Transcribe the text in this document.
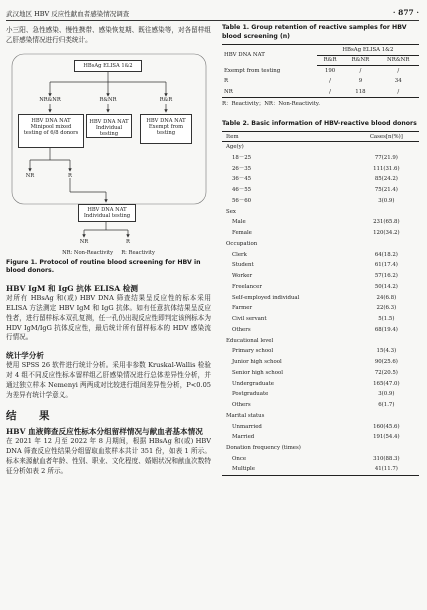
武汉地区 HBV 反应性献血者感染情况调查	· 877 ·

小三阳、急性感染、慢性携带、感染恢复期、既往感染等，对各留样组乙肝感染情况进行归类统计。

HBsAg ELISA 1&2
NR&NR	R&NR	R&R
HBV DNA NAT
Minipool mixed
testing of 6/8 donors
HBV DNA NAT
Individual testing
HBV DNA NAT
Exempt from
testing
NR	R
HBV DNA NAT
Individual testing
NR	R
NR: Non-Reactivity     R: Reactivity

Figure 1. Protocol of routine blood screening for HBV in blood donors.

HBV IgM 和 IgG 抗体 ELISA 检测

对所有 HBsAg 和(或) HBV DNA 筛查结果呈反应性的标本采用 ELISA 方法测定 HBV IgM 和 IgG 抗体。如有任意抗体结果呈反应性者，进行留样标本双孔复测，任一孔仍出现反应性即判定该例标本为 HDV IgM/IgG 抗体反应性，最后统计所有留样标本的 HDV 感染流行情况。

统计学分析

使用 SPSS 26 软件进行统计分析。采用非参数 Kruskal-Wallis 检验对 4 组不同反应性标本留样组乙肝感染情况进行总体差异性分析，并通过独立样本 Nemenyi 两两成对比较进行组间差异性分析，P<0.05 为差异有统计学意义。

结　果
HBV 血液筛查反应性标本分组留样情况与献血者基本情况

在 2021 年 12 月至 2022 年 8 月期间，根据 HBsAg 和(或) HBV DNA 筛查反应性结果分组留取血浆样本共计 351 份，如表 1 所示。标本来源献血者年龄、性别、职业、文化程度、婚姻状况和献血次数特征分析如表 2 所示。

Table 1. Group retention of reactive samples for HBV blood screening (n)

HBV DNA NAT	HBsAg ELISA 1&2		
	R&R	R&NR	NR&NR
Exempt from testing	190	/	/
R	/	9	34
NR	/	118	/

R：Reactivity；NR：Non-Reactivity.

Table 2. Basic information of HBV-reactive blood donors

Item	Cases[n(%)]
Age(y)	
18－25	77(21.9)
26－35	111(31.6)
36－45	85(24.2)
46－55	75(21.4)
56－60	3(0.9)
Sex	
Male	231(65.8)
Female	120(34.2)
Occupation	
Clerk	64(18.2)
Student	61(17.4)
Worker	57(16.2)
Freelancer	50(14.2)
Self-employed individual	24(6.8)
Farmer	22(6.3)
Civil servant	5(1.5)
Others	68(19.4)
Educational level	
Primary school	15(4.3)
Junior high school	90(25.6)
Senior high school	72(20.5)
Undergraduate	165(47.0)
Postgraduate	3(0.9)
Others	6(1.7)
Marital status	
Unmarried	160(45.6)
Married	191(54.4)
Donation frequency (times)	
Once	310(88.3)
Multiple	41(11.7)
